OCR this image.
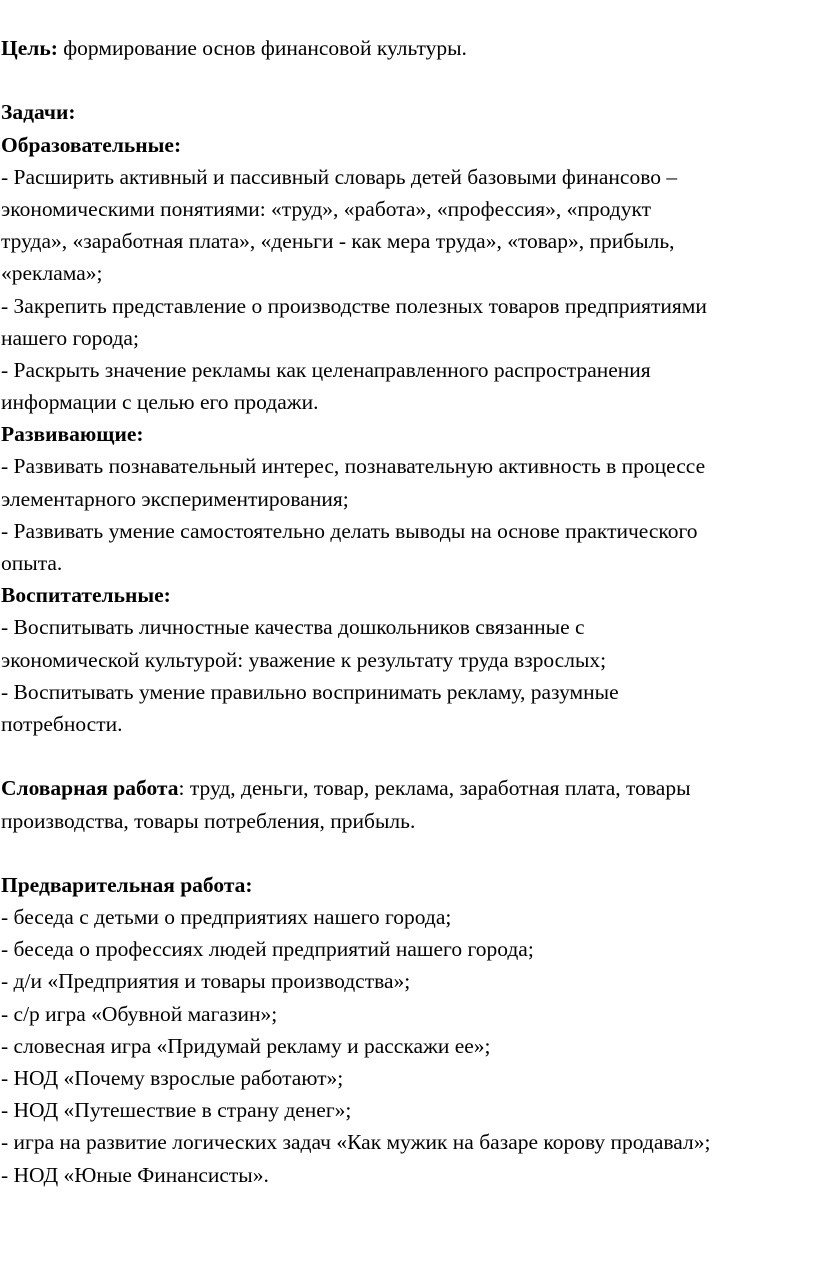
Цель: формирование основ финансовой культуры.
Задачи:
Образовательные:
- Расширить активный и пассивный словарь детей базовыми финансово –
экономическими понятиями: «труд», «работа», «профессия», «продукт
труда», «заработная плата», «деньги - как мера труда», «товар», прибыль,
«реклама»;
- Закрепить представление о производстве полезных товаров предприятиями
нашего города;
- Раскрыть значение рекламы как целенаправленного распространения
информации с целью его продажи.
Развивающие:
- Развивать познавательный интерес, познавательную активность в процессе
элементарного экспериментирования;
- Развивать умение самостоятельно делать выводы на основе практического
опыта.
Воспитательные:
- Воспитывать личностные качества дошкольников связанные с
экономической культурой: уважение к результату труда взрослых;
- Воспитывать умение правильно воспринимать рекламу, разумные
потребности.
Словарная работа: труд, деньги, товар, реклама, заработная плата, товары
производства, товары потребления, прибыль.
Предварительная работа:
- беседа с детьми о предприятиях нашего города;
- беседа о профессиях людей предприятий нашего города;
- д/и «Предприятия и товары производства»;
- с/р игра «Обувной магазин»;
- словесная игра «Придумай рекламу и расскажи ее»;
- НОД «Почему взрослые работают»;
- НОД «Путешествие в страну денег»;
- игра на развитие логических задач «Как мужик на базаре корову продавал»;
- НОД «Юные Финансисты».
